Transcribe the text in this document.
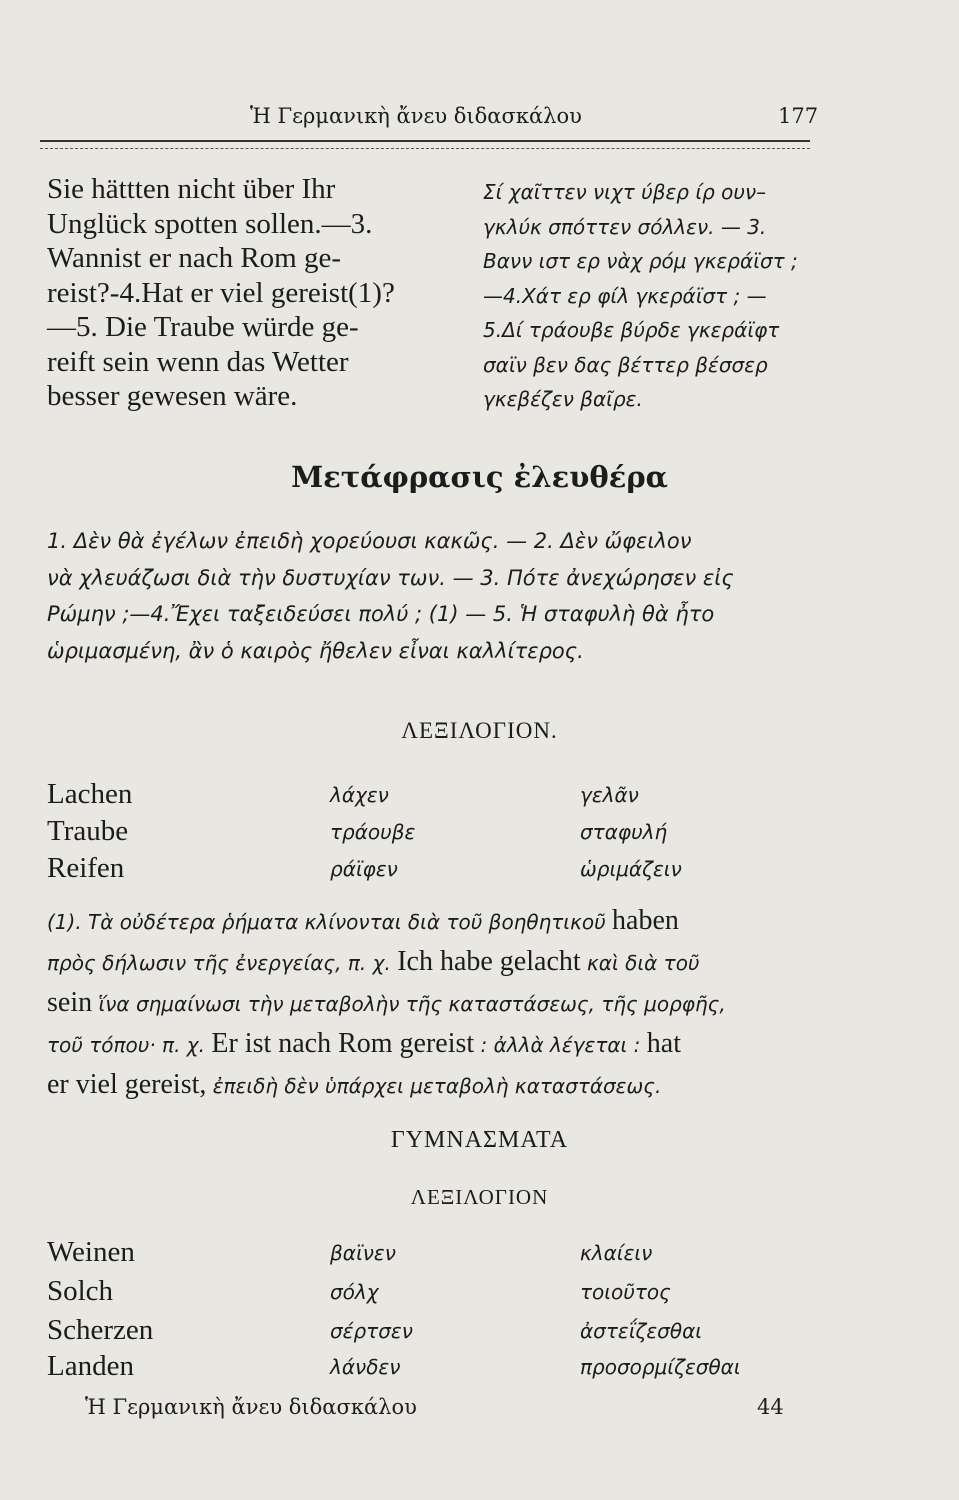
Ἡ Γερμανικὴ ἄνευ διδασκάλου	177
Sie hättten nicht über Ihr
Unglück spotten sollen.—3.
Wannist er nach Rom ge-
reist?-4.Hat er viel gereist(1)?
—5. Die Traube würde ge-
reift sein wenn das Wetter
besser gewesen wäre.
Σί χαῖττεν νιχτ ύβερ ίρ ουν–
γκλύκ σπόττεν σόλλεν. — 3.
Βανν ιστ ερ νὰχ ρόμ γκεράϊστ ;
—4.Χάτ ερ φίλ γκεράϊστ ; —
5.Δί τράουβε βύρδε γκεράϊφτ
σαϊν βεν δας βέττερ βέσσερ
γκεβέζεν βαῖρε.
Μετάφρασις ἐλευθέρα
1. Δὲν θὰ ἐγέλων ἐπειδὴ χορεύουσι κακῶς. — 2. Δὲν ὤφειλον
νὰ χλευάζωσι διὰ τὴν δυστυχίαν των. — 3. Πότε ἀνεχώρησεν εἰς
Ρώμην ;—4.Ἔχει ταξειδεύσει πολύ ; (1) — 5. Ἡ σταφυλὴ θὰ ἦτο
ὡριμασμένη, ἂν ὁ καιρὸς ἤθελεν εἶναι καλλίτερος.
ΛΕΞΙΛΟΓΙΟΝ.
Lachen	λάχεν	γελᾶν
Traube	τράουβε	σταφυλή
Reifen	ράϊφεν	ὡριμάζειν
(1). Τὰ οὐδέτερα ῥήματα κλίνονται διὰ τοῦ βοηθητικοῦ haben
πρὸς δήλωσιν τῆς ἐνεργείας, π. χ. Ich habe gelacht καὶ διὰ τοῦ
sein ἵνα σημαίνωσι τὴν μεταβολὴν τῆς καταστάσεως, τῆς μορφῆς,
τοῦ τόπου· π. χ. Er ist nach Rom gereist : ἀλλὰ λέγεται : hat
er viel gereist, ἐπειδὴ δὲν ὑπάρχει μεταβολὴ καταστάσεως.
ΓΥΜΝΑΣΜΑΤΑ
ΛΕΞΙΛΟΓΙΟΝ
Weinen	βαϊνεν	κλαίειν
Solch	σόλχ	τοιοῦτος
Scherzen	σέρτσεν	ἀστεΐζεσθαι
Landen	λάνδεν	προσορμίζεσθαι
Ἡ Γερμανικὴ ἄνευ διδασκάλου	44
